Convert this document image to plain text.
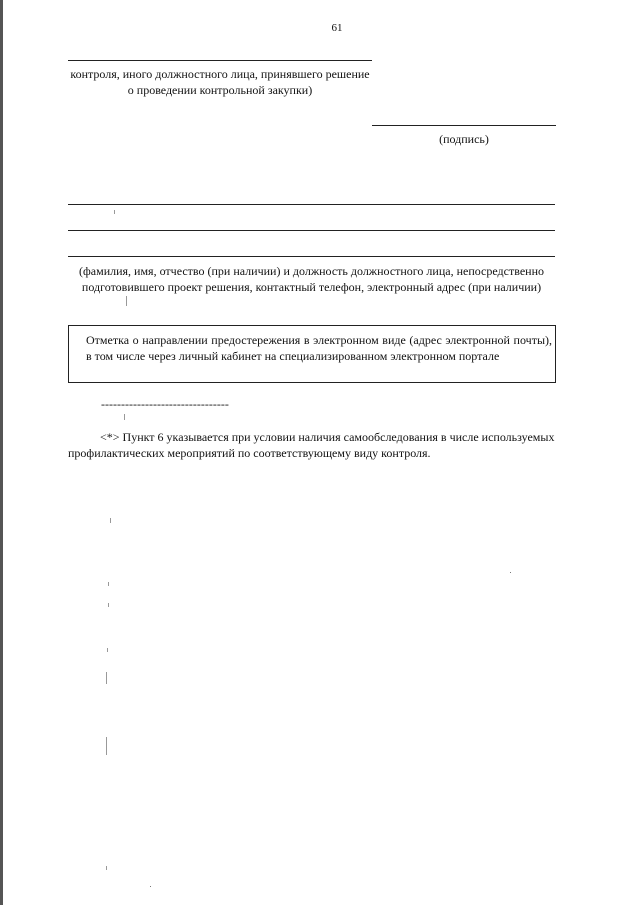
61
контроля, иного должностного лица, принявшего решение о проведении контрольной закупки)
(подпись)
(фамилия, имя, отчество (при наличии) и должность должностного лица, непосредственно подготовившего проект решения, контактный телефон, электронный адрес (при наличии)
Отметка о направлении предостережения в электронном виде (адрес электронной почты), в том числе через личный кабинет на специализированном электронном портале
--------------------------------
<*> Пункт 6 указывается при условии наличия самообследования в числе используемых профилактических мероприятий по соответствующему виду контроля.
